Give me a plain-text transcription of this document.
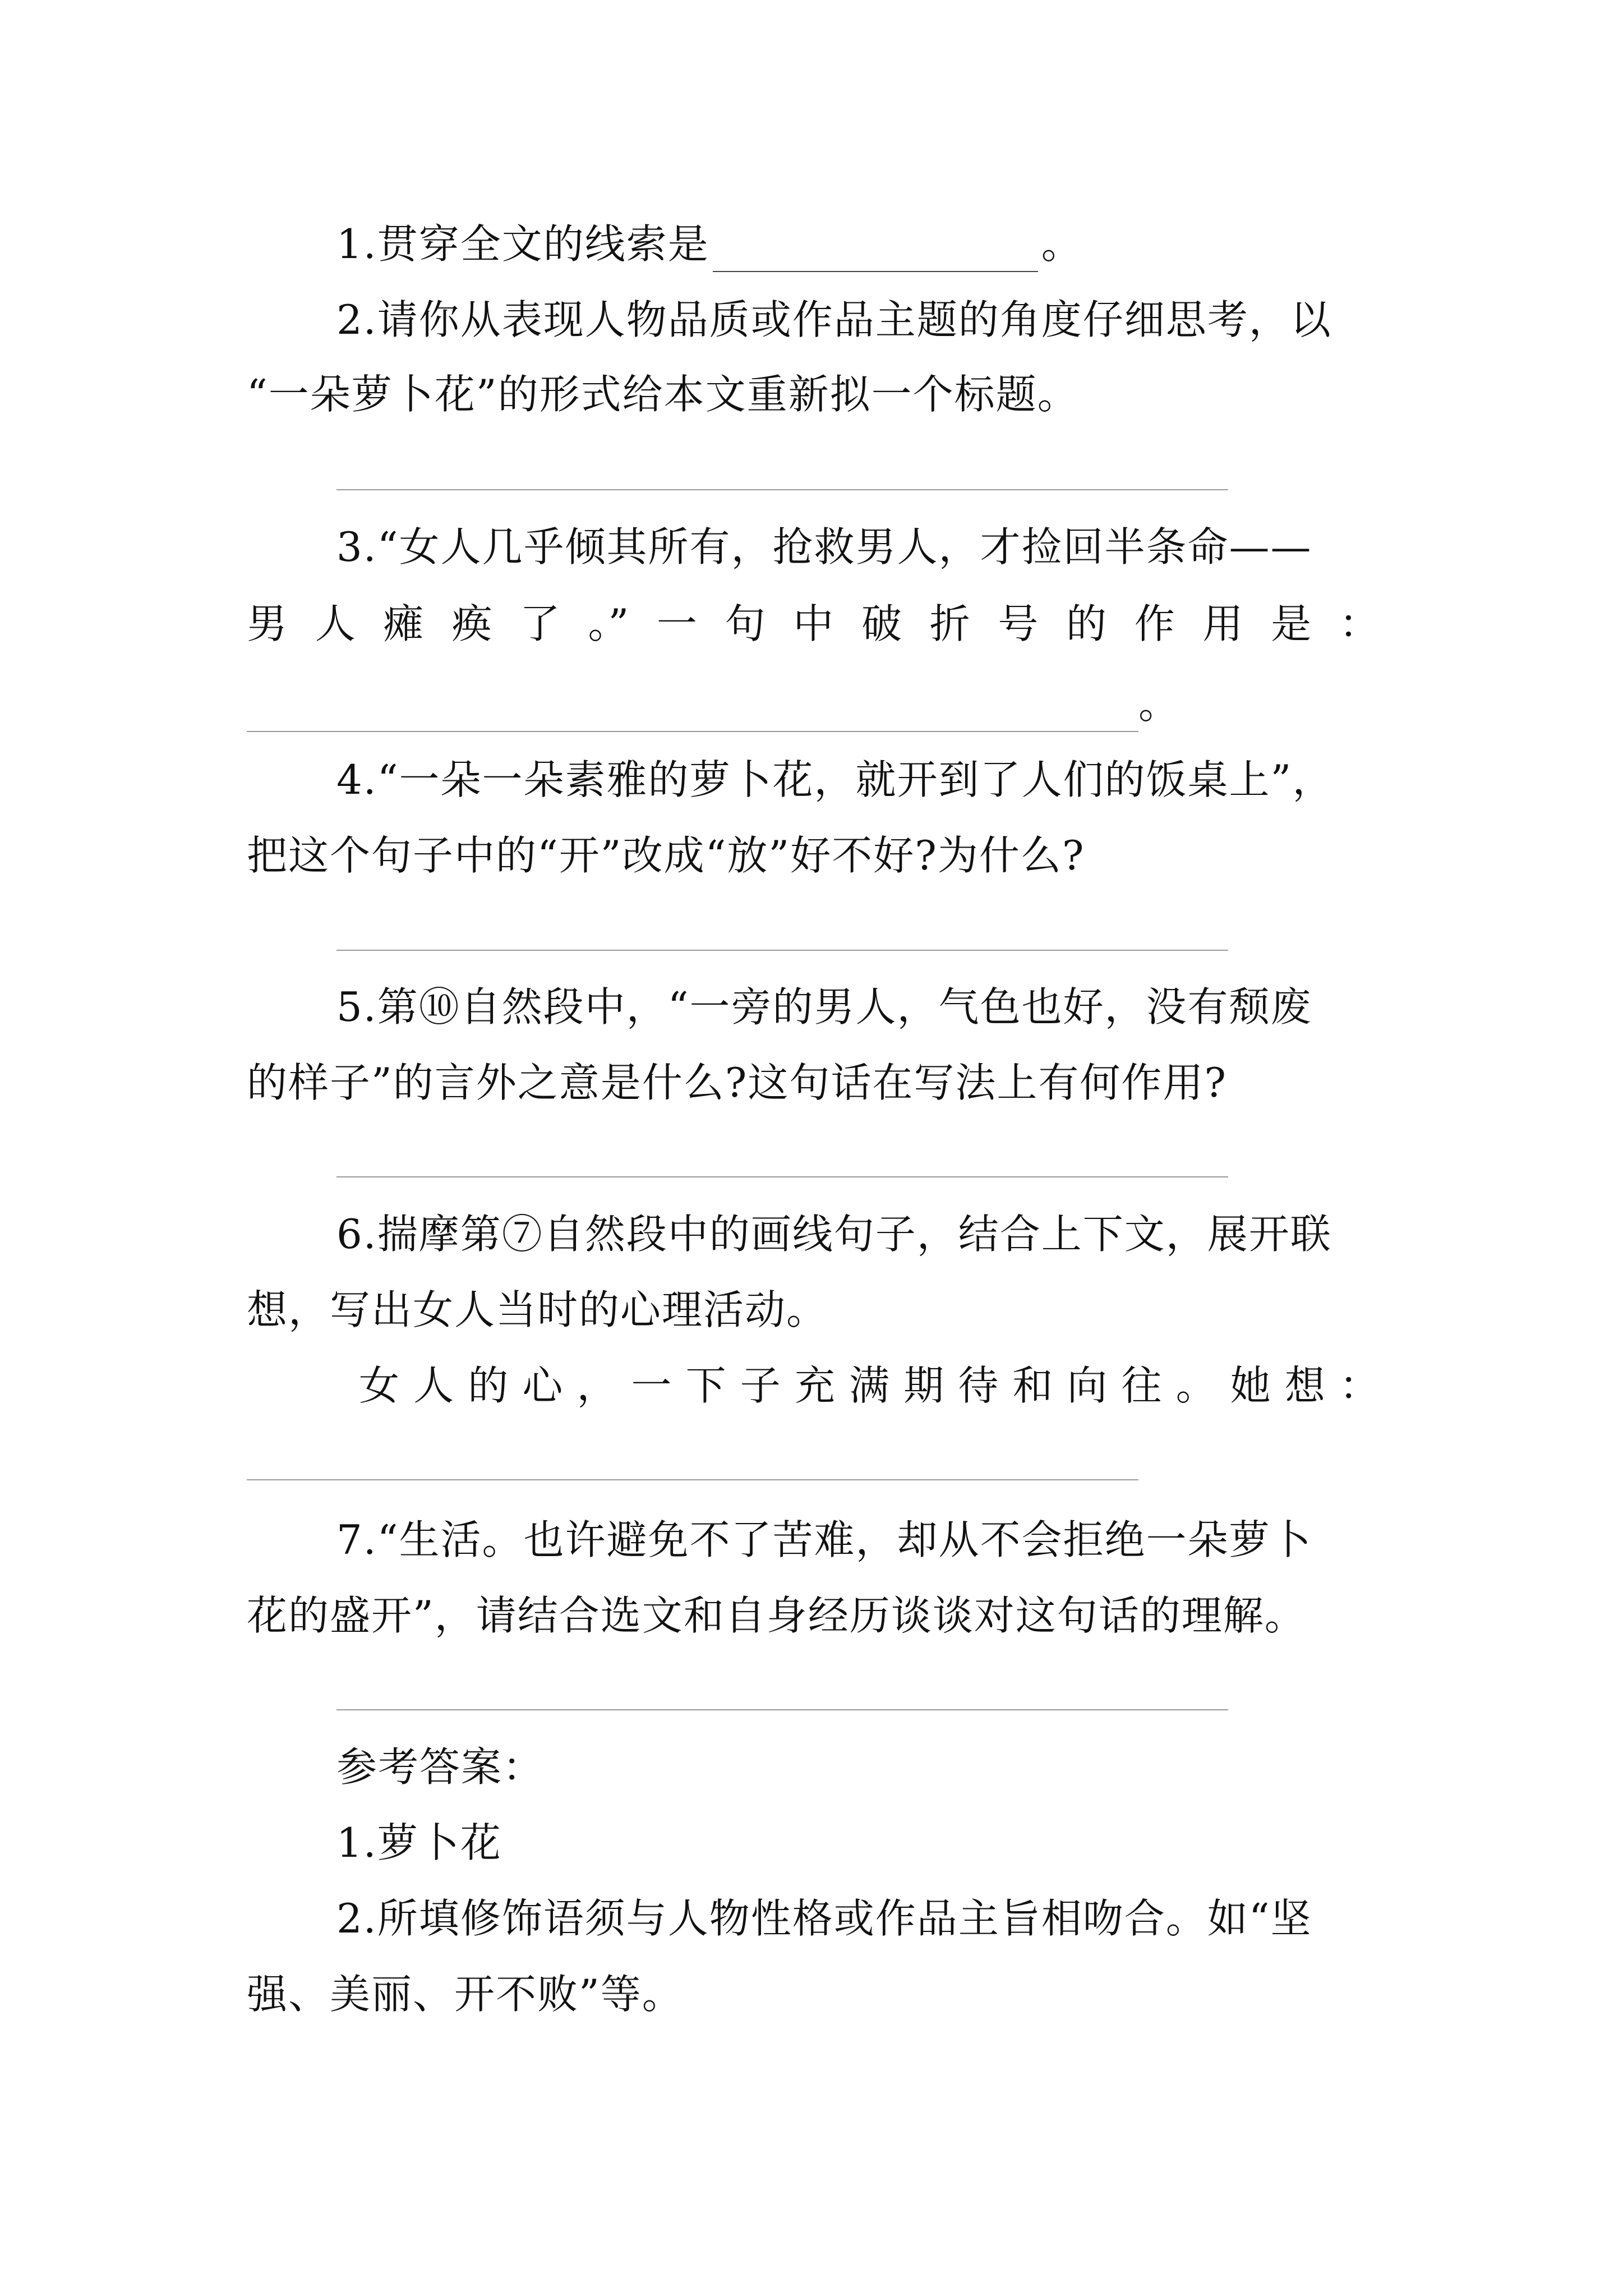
1.贯穿全文的线索是	。
2.请你从表现人物品质或作品主题的角度仔细思考，以
“一朵萝卜花”的形式给本文重新拟一个标题。
3.“女人几乎倾其所有，抢救男人，才捡回半条命——
男 人 瘫 痪 了 。” 一 句 中 破 折 号 的 作 用 是 ：
。
4.“一朵一朵素雅的萝卜花，就开到了人们的饭桌上”，
把这个句子中的“开”改成“放”好不好?为什么?
5.第⑩自然段中，“一旁的男人，气色也好，没有颓废
的样子”的言外之意是什么?这句话在写法上有何作用?
6.揣摩第⑦自然段中的画线句子，结合上下文，展开联
想，写出女人当时的心理活动。
女 人 的 心 ， 一 下 子 充 满 期 待 和 向 往 。 她 想 ：
7.“生活。也许避免不了苦难，却从不会拒绝一朵萝卜
花的盛开”，请结合选文和自身经历谈谈对这句话的理解。
参考答案：
1.萝卜花
2.所填修饰语须与人物性格或作品主旨相吻合。如“坚
强、美丽、开不败”等。
